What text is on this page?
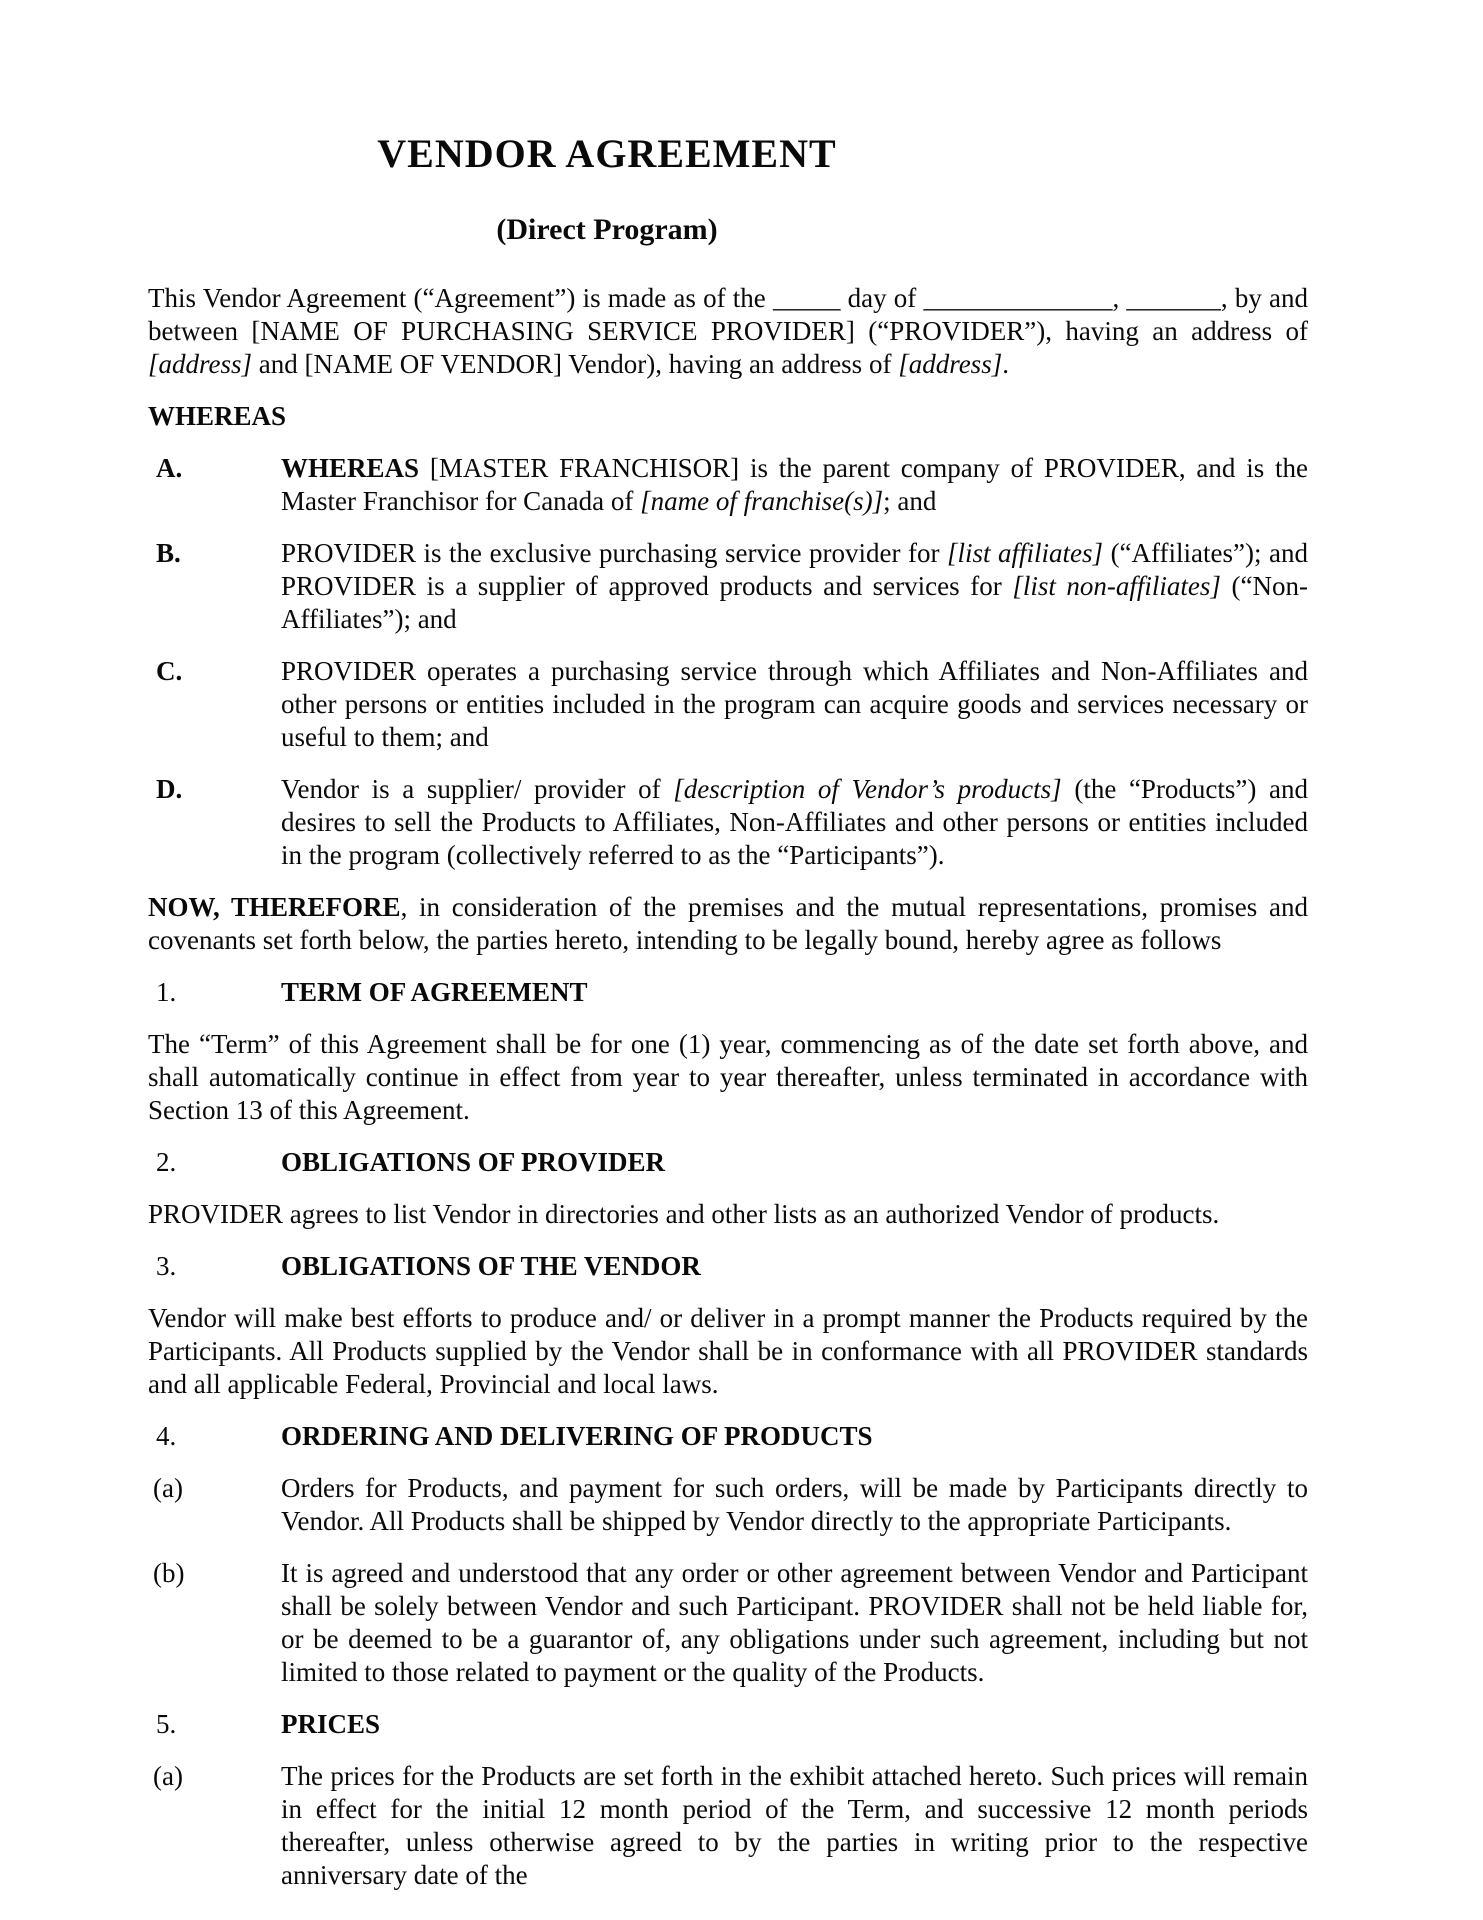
VENDOR AGREEMENT
(Direct Program)

This Vendor Agreement (“Agreement”) is made as of the _____ day of ______________, _______, by and between [NAME OF PURCHASING SERVICE PROVIDER] (“PROVIDER”), having an address of [address] and [NAME OF VENDOR] Vendor), having an address of [address].

WHEREAS
A.	WHEREAS [MASTER FRANCHISOR] is the parent company of PROVIDER, and is the Master Franchisor for Canada of [name of franchise(s)]; and
B.	PROVIDER is the exclusive purchasing service provider for [list affiliates] (“Affiliates”); and PROVIDER is a supplier of approved products and services for [list non-affiliates] (“Non-Affiliates”); and
C.	PROVIDER operates a purchasing service through which Affiliates and Non-Affiliates and other persons or entities included in the program can acquire goods and services necessary or useful to them; and
D.	Vendor is a supplier/ provider of [description of Vendor’s products] (the “Products”) and desires to sell the Products to Affiliates, Non-Affiliates and other persons or entities included in the program (collectively referred to as the “Participants”).

NOW, THEREFORE, in consideration of the premises and the mutual representations, promises and covenants set forth below, the parties hereto, intending to be legally bound, hereby agree as follows

1.	TERM OF AGREEMENT

The “Term” of this Agreement shall be for one (1) year, commencing as of the date set forth above, and shall automatically continue in effect from year to year thereafter, unless terminated in accordance with Section 13 of this Agreement.

2.	OBLIGATIONS OF PROVIDER

PROVIDER agrees to list Vendor in directories and other lists as an authorized Vendor of products.

3.	OBLIGATIONS OF THE VENDOR

Vendor will make best efforts to produce and/ or deliver in a prompt manner the Products required by the Participants. All Products supplied by the Vendor shall be in conformance with all PROVIDER standards and all applicable Federal, Provincial and local laws.

4.	ORDERING AND DELIVERING OF PRODUCTS
(a)	Orders for Products, and payment for such orders, will be made by Participants directly to Vendor. All Products shall be shipped by Vendor directly to the appropriate Participants.
(b)	It is agreed and understood that any order or other agreement between Vendor and Participant shall be solely between Vendor and such Participant. PROVIDER shall not be held liable for, or be deemed to be a guarantor of, any obligations under such agreement, including but not limited to those related to payment or the quality of the Products.
5.	PRICES
(a)	The prices for the Products are set forth in the exhibit attached hereto. Such prices will remain in effect for the initial 12 month period of the Term, and successive 12 month periods thereafter, unless otherwise agreed to by the parties in writing prior to the respective anniversary date of the
